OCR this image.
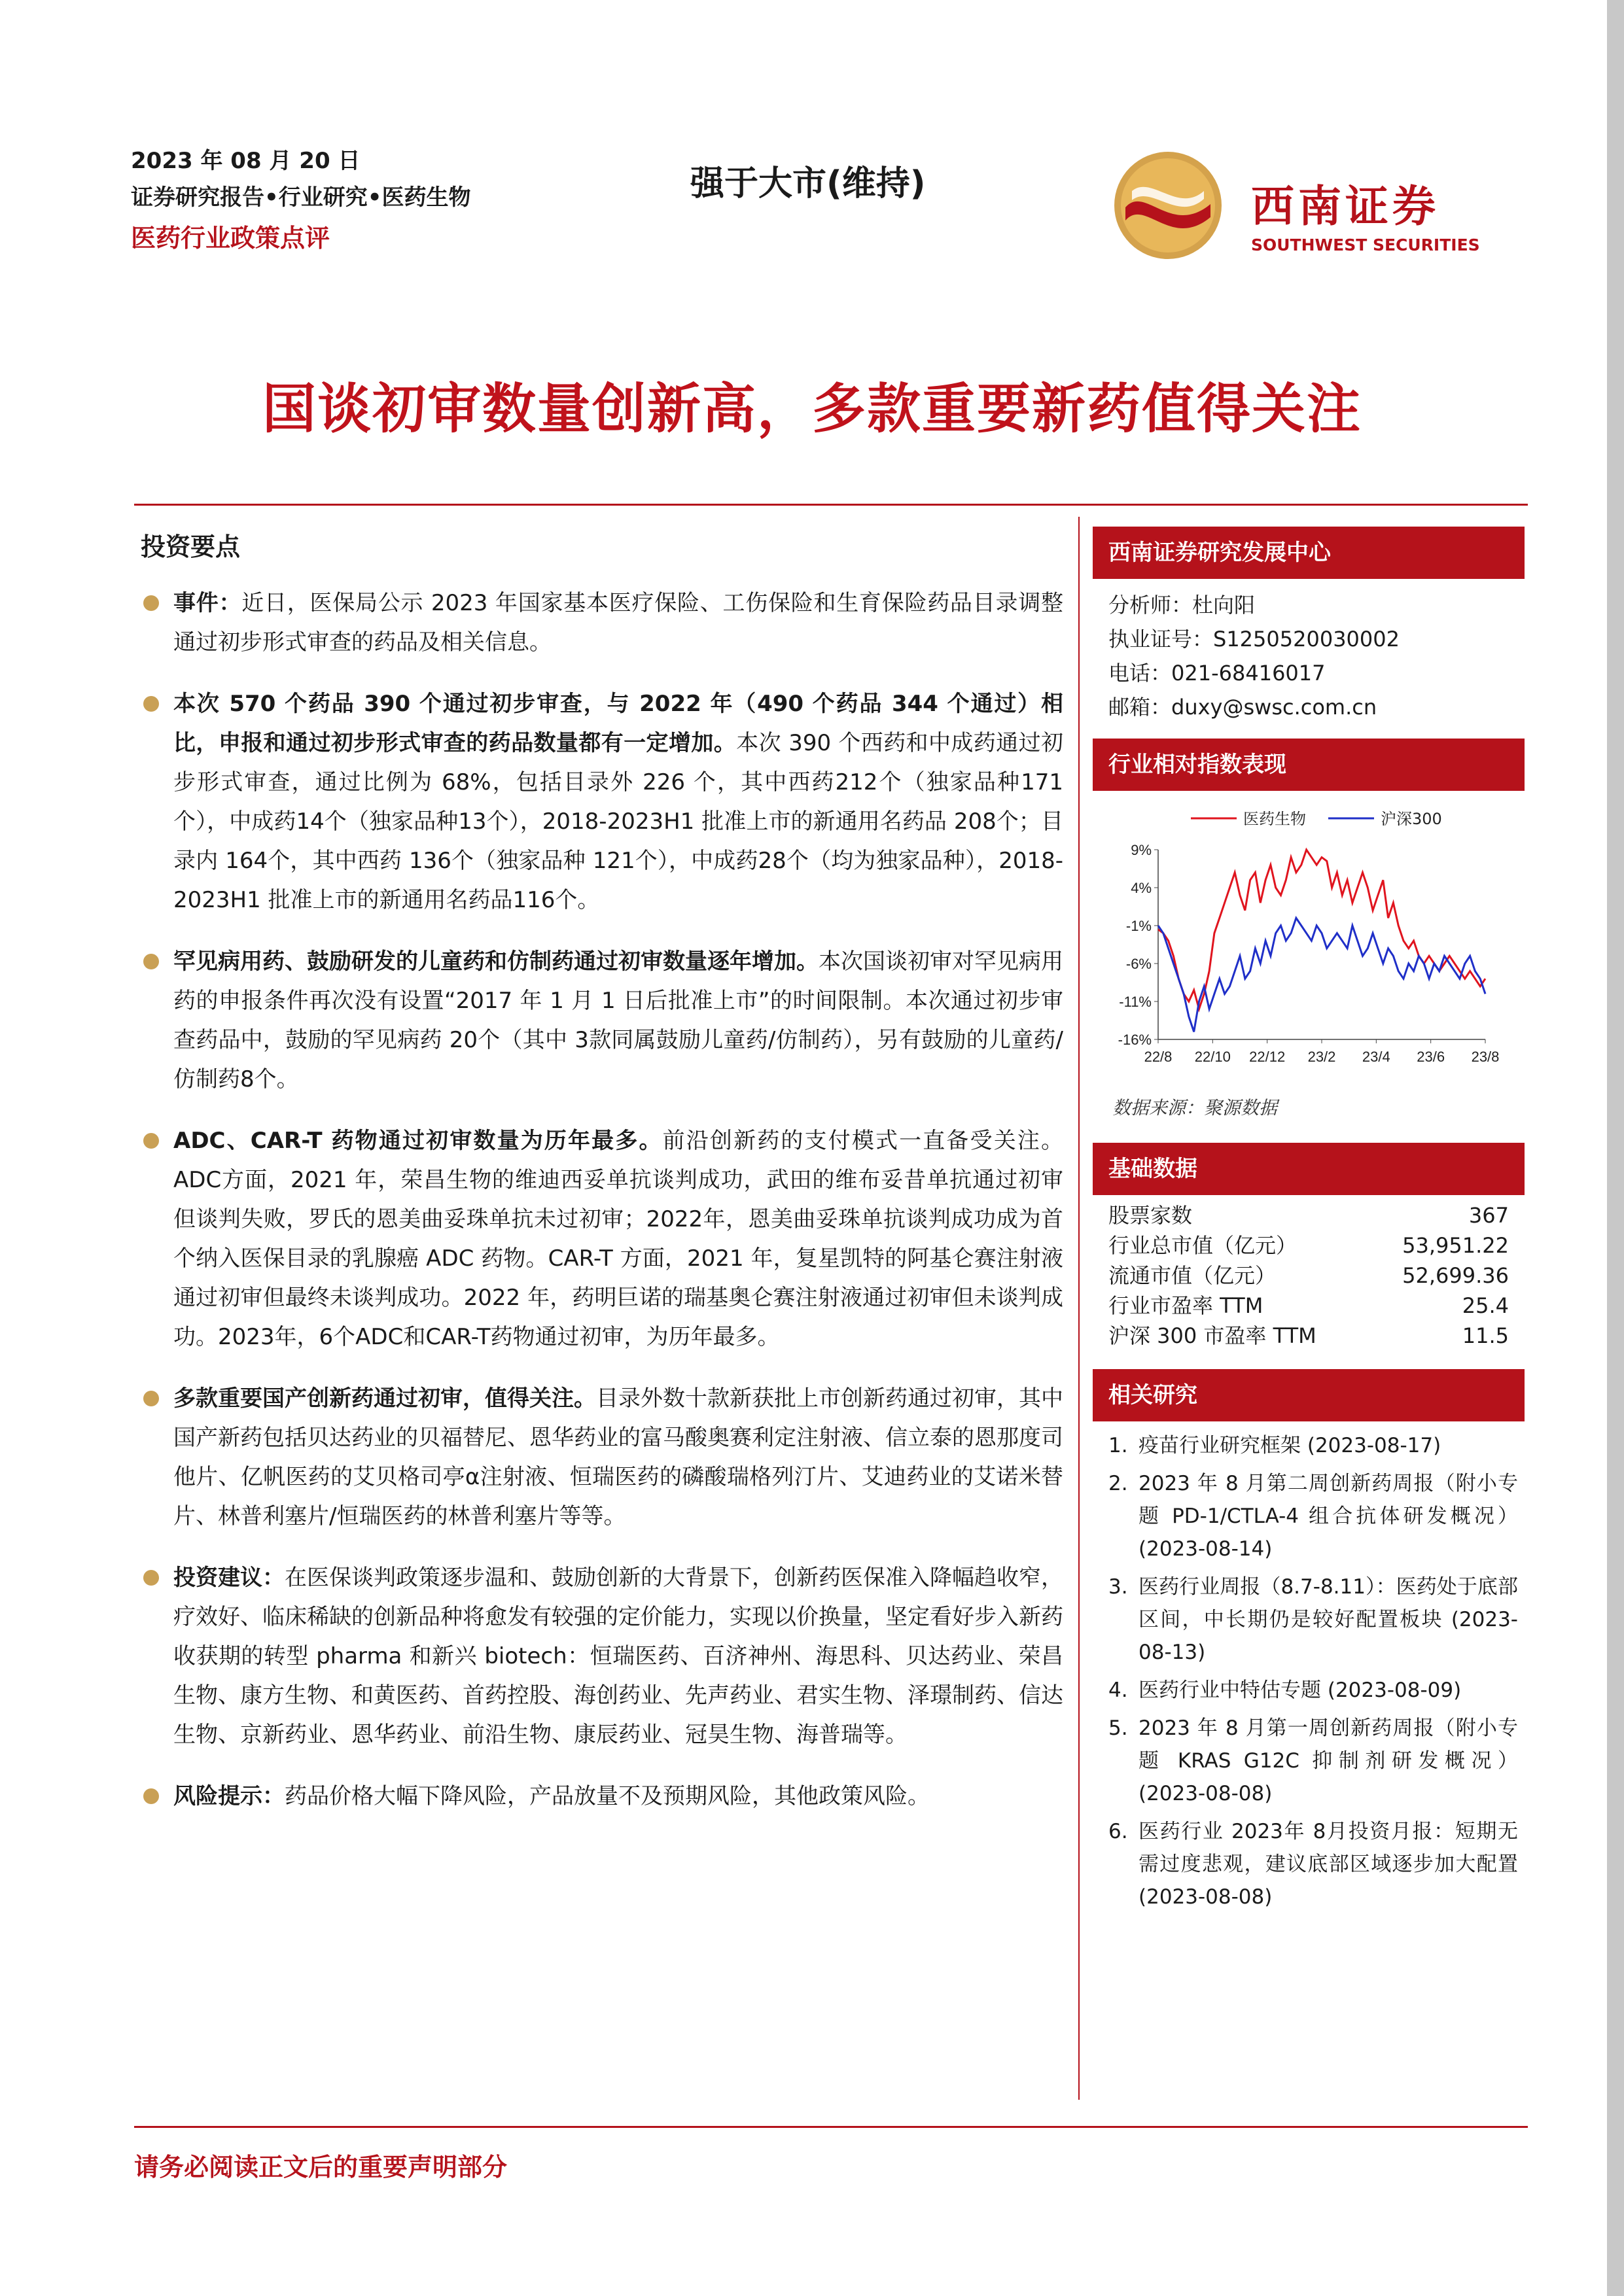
2023 年 08 月 20 日
证券研究报告•行业研究•医药生物
医药行业政策点评
强于大市(维持)	西南证券
SOUTHWEST SECURITIES
国谈初审数量创新高，多款重要新药值得关注
投资要点
事件：近日，医保局公示 2023 年国家基本医疗保险、工伤保险和生育保险药品目录调整通过初步形式审查的药品及相关信息。
本次 570 个药品 390 个通过初步审查，与 2022 年（490 个药品 344 个通过）相比，申报和通过初步形式审查的药品数量都有一定增加。本次 390 个西药和中成药通过初步形式审查，通过比例为 68%，包括目录外 226 个，其中西药212个（独家品种171个），中成药14个（独家品种13个），2018-2023H1 批准上市的新通用名药品 208个；目录内 164个，其中西药 136个（独家品种 121个），中成药28个（均为独家品种），2018-2023H1 批准上市的新通用名药品116个。
罕见病用药、鼓励研发的儿童药和仿制药通过初审数量逐年增加。本次国谈初审对罕见病用药的申报条件再次没有设置“2017 年 1 月 1 日后批准上市”的时间限制。本次通过初步审查药品中，鼓励的罕见病药 20个（其中 3款同属鼓励儿童药/仿制药），另有鼓励的儿童药/仿制药8个。
ADC、CAR-T 药物通过初审数量为历年最多。前沿创新药的支付模式一直备受关注。ADC方面，2021 年，荣昌生物的维迪西妥单抗谈判成功，武田的维布妥昔单抗通过初审但谈判失败，罗氏的恩美曲妥珠单抗未过初审；2022年，恩美曲妥珠单抗谈判成功成为首个纳入医保目录的乳腺癌 ADC 药物。CAR-T 方面，2021 年，复星凯特的阿基仑赛注射液通过初审但最终未谈判成功。2022 年，药明巨诺的瑞基奥仑赛注射液通过初审但未谈判成功。2023年，6个ADC和CAR-T药物通过初审，为历年最多。
多款重要国产创新药通过初审，值得关注。目录外数十款新获批上市创新药通过初审，其中国产新药包括贝达药业的贝福替尼、恩华药业的富马酸奥赛利定注射液、信立泰的恩那度司他片、亿帆医药的艾贝格司亭α注射液、恒瑞医药的磷酸瑞格列汀片、艾迪药业的艾诺米替片、林普利塞片/恒瑞医药的林普利塞片等等。
投资建议：在医保谈判政策逐步温和、鼓励创新的大背景下，创新药医保准入降幅趋收窄，疗效好、临床稀缺的创新品种将愈发有较强的定价能力，实现以价换量，坚定看好步入新药收获期的转型 pharma 和新兴 biotech：恒瑞医药、百济神州、海思科、贝达药业、荣昌生物、康方生物、和黄医药、首药控股、海创药业、先声药业、君实生物、泽璟制药、信达生物、京新药业、恩华药业、前沿生物、康辰药业、冠昊生物、海普瑞等。
风险提示：药品价格大幅下降风险，产品放量不及预期风险，其他政策风险。
西南证券研究发展中心
分析师：杜向阳
执业证号：S1250520030002
电话：021-68416017
邮箱：duxy@swsc.com.cn
行业相对指数表现
9%
4%
-1%
-6%
-11%
-16%
22/8 22/10 22/12 23/2 23/4 23/6 23/8
医药生物	沪深300
数据来源：聚源数据
基础数据
股票家数	367
行业总市值（亿元）	53,951.22
流通市值（亿元）	52,699.36
行业市盈率 TTM	25.4
沪深 300 市盈率 TTM	11.5
相关研究
1. 疫苗行业研究框架 (2023-08-17)
2. 2023 年 8 月第二周创新药周报（附小专题 PD-1/CTLA-4 组合抗体研发概况） (2023-08-14)
3. 医药行业周报（8.7-8.11）：医药处于底部区间，中长期仍是较好配置板块 (2023-08-13)
4. 医药行业中特估专题 (2023-08-09)
5. 2023 年 8 月第一周创新药周报（附小专题 KRAS G12C 抑制剂研发概况） (2023-08-08)
6. 医药行业 2023年 8月投资月报：短期无需过度悲观，建议底部区域逐步加大配置 (2023-08-08)
请务必阅读正文后的重要声明部分
